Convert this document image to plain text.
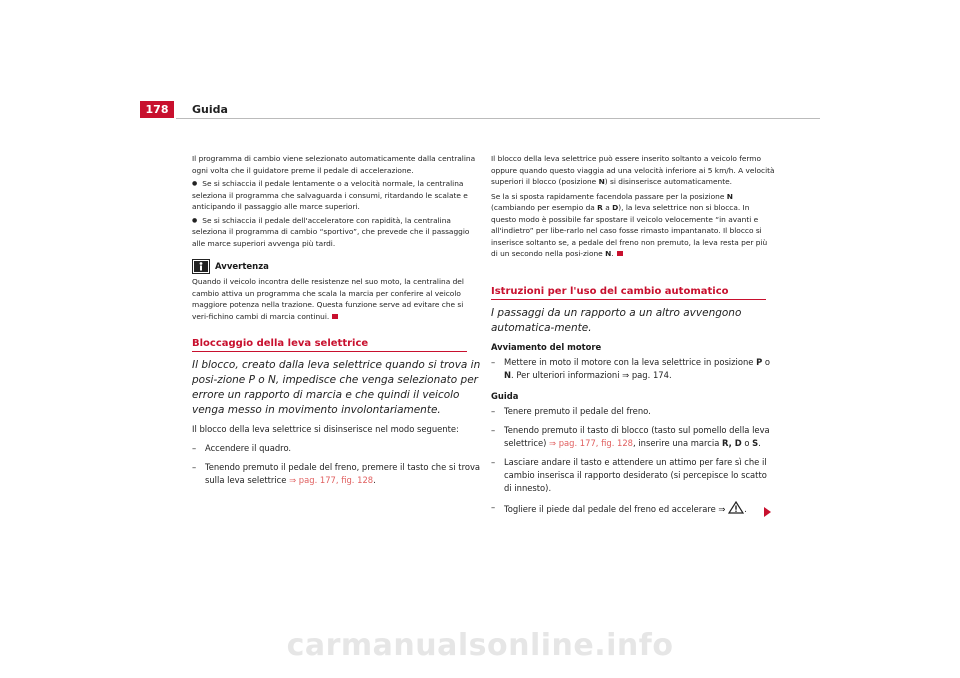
178	Guida

Il programma di cambio viene selezionato automaticamente dalla centralina ogni volta che il guidatore preme il pedale di accelerazione.

● Se si schiaccia il pedale lentamente o a velocità normale, la centralina seleziona il programma che salvaguarda i consumi, ritardando le scalate e anticipando il passaggio alle marce superiori.

● Se si schiaccia il pedale dell'acceleratore con rapidità, la centralina seleziona il programma di cambio “sportivo”, che prevede che il passaggio alle marce superiori avvenga più tardi.

Avvertenza

Quando il veicolo incontra delle resistenze nel suo moto, la centralina del cambio attiva un programma che scala la marcia per conferire al veicolo maggiore potenza nella trazione. Questa funzione serve ad evitare che si veri-fichino cambi di marcia continui.

Bloccaggio della leva selettrice
Il blocco, creato dalla leva selettrice quando si trova in posi-zione P o N, impedisce che venga selezionato per errore un rapporto di marcia e che quindi il veicolo venga messo in movimento involontariamente.

Il blocco della leva selettrice si disinserisce nel modo seguente:

– Accendere il quadro.
– Tenendo premuto il pedale del freno, premere il tasto che si trova sulla leva selettrice ⇒ pag. 177, fig. 128.

Il blocco della leva selettrice può essere inserito soltanto a veicolo fermo oppure quando questo viaggia ad una velocità inferiore ai 5 km/h. A velocità superiori il blocco (posizione N) si disinserisce automaticamente.

Se la si sposta rapidamente facendola passare per la posizione N (cambiando per esempio da R a D), la leva selettrice non si blocca. In questo modo è possibile far spostare il veicolo velocemente “in avanti e all'indietro” per libe-rarlo nel caso fosse rimasto impantanato. Il blocco si inserisce soltanto se, a pedale del freno non premuto, la leva resta per più di un secondo nella posi-zione N.

Istruzioni per l'uso del cambio automatico
I passaggi da un rapporto a un altro avvengono automatica-mente.
Avviamento del motore
– Mettere in moto il motore con la leva selettrice in posizione P o N. Per ulteriori informazioni ⇒ pag. 174.
Guida
– Tenere premuto il pedale del freno.
– Tenendo premuto il tasto di blocco (tasto sul pomello della leva selettrice) ⇒ pag. 177, fig. 128, inserire una marcia R, D o S.
– Lasciare andare il tasto e attendere un attimo per fare sì che il cambio inserisca il rapporto desiderato (si percepisce lo scatto di innesto).
– Togliere il piede dal pedale del freno ed accelerare ⇒ .
carmanualsonline.info
